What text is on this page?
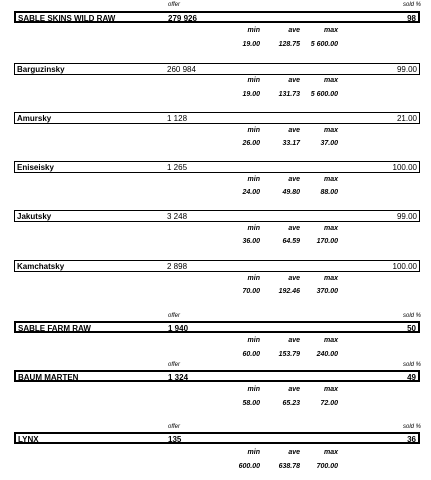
offer	sold %
SABLE SKINS WILD RAW	279 926	98
min	ave	max
19.00	128.75	5 600.00
Barguzinsky	260 984	99.00
min	ave	max
19.00	131.73	5 600.00
Amursky	1 128	21.00
min	ave	max
26.00	33.17	37.00
Eniseisky	1 265	100.00
min	ave	max
24.00	49.80	88.00
Jakutsky	3 248	99.00
min	ave	max
36.00	64.59	170.00
Kamchatsky	2 898	100.00
min	ave	max
70.00	192.46	370.00
offer	sold %
SABLE FARM RAW	1 940	50
min	ave	max
60.00	153.79	240.00
offer	sold %
BAUM MARTEN	1 324	49
min	ave	max
58.00	65.23	72.00
offer	sold %
LYNX	135	36
min	ave	max
600.00	638.78	700.00
